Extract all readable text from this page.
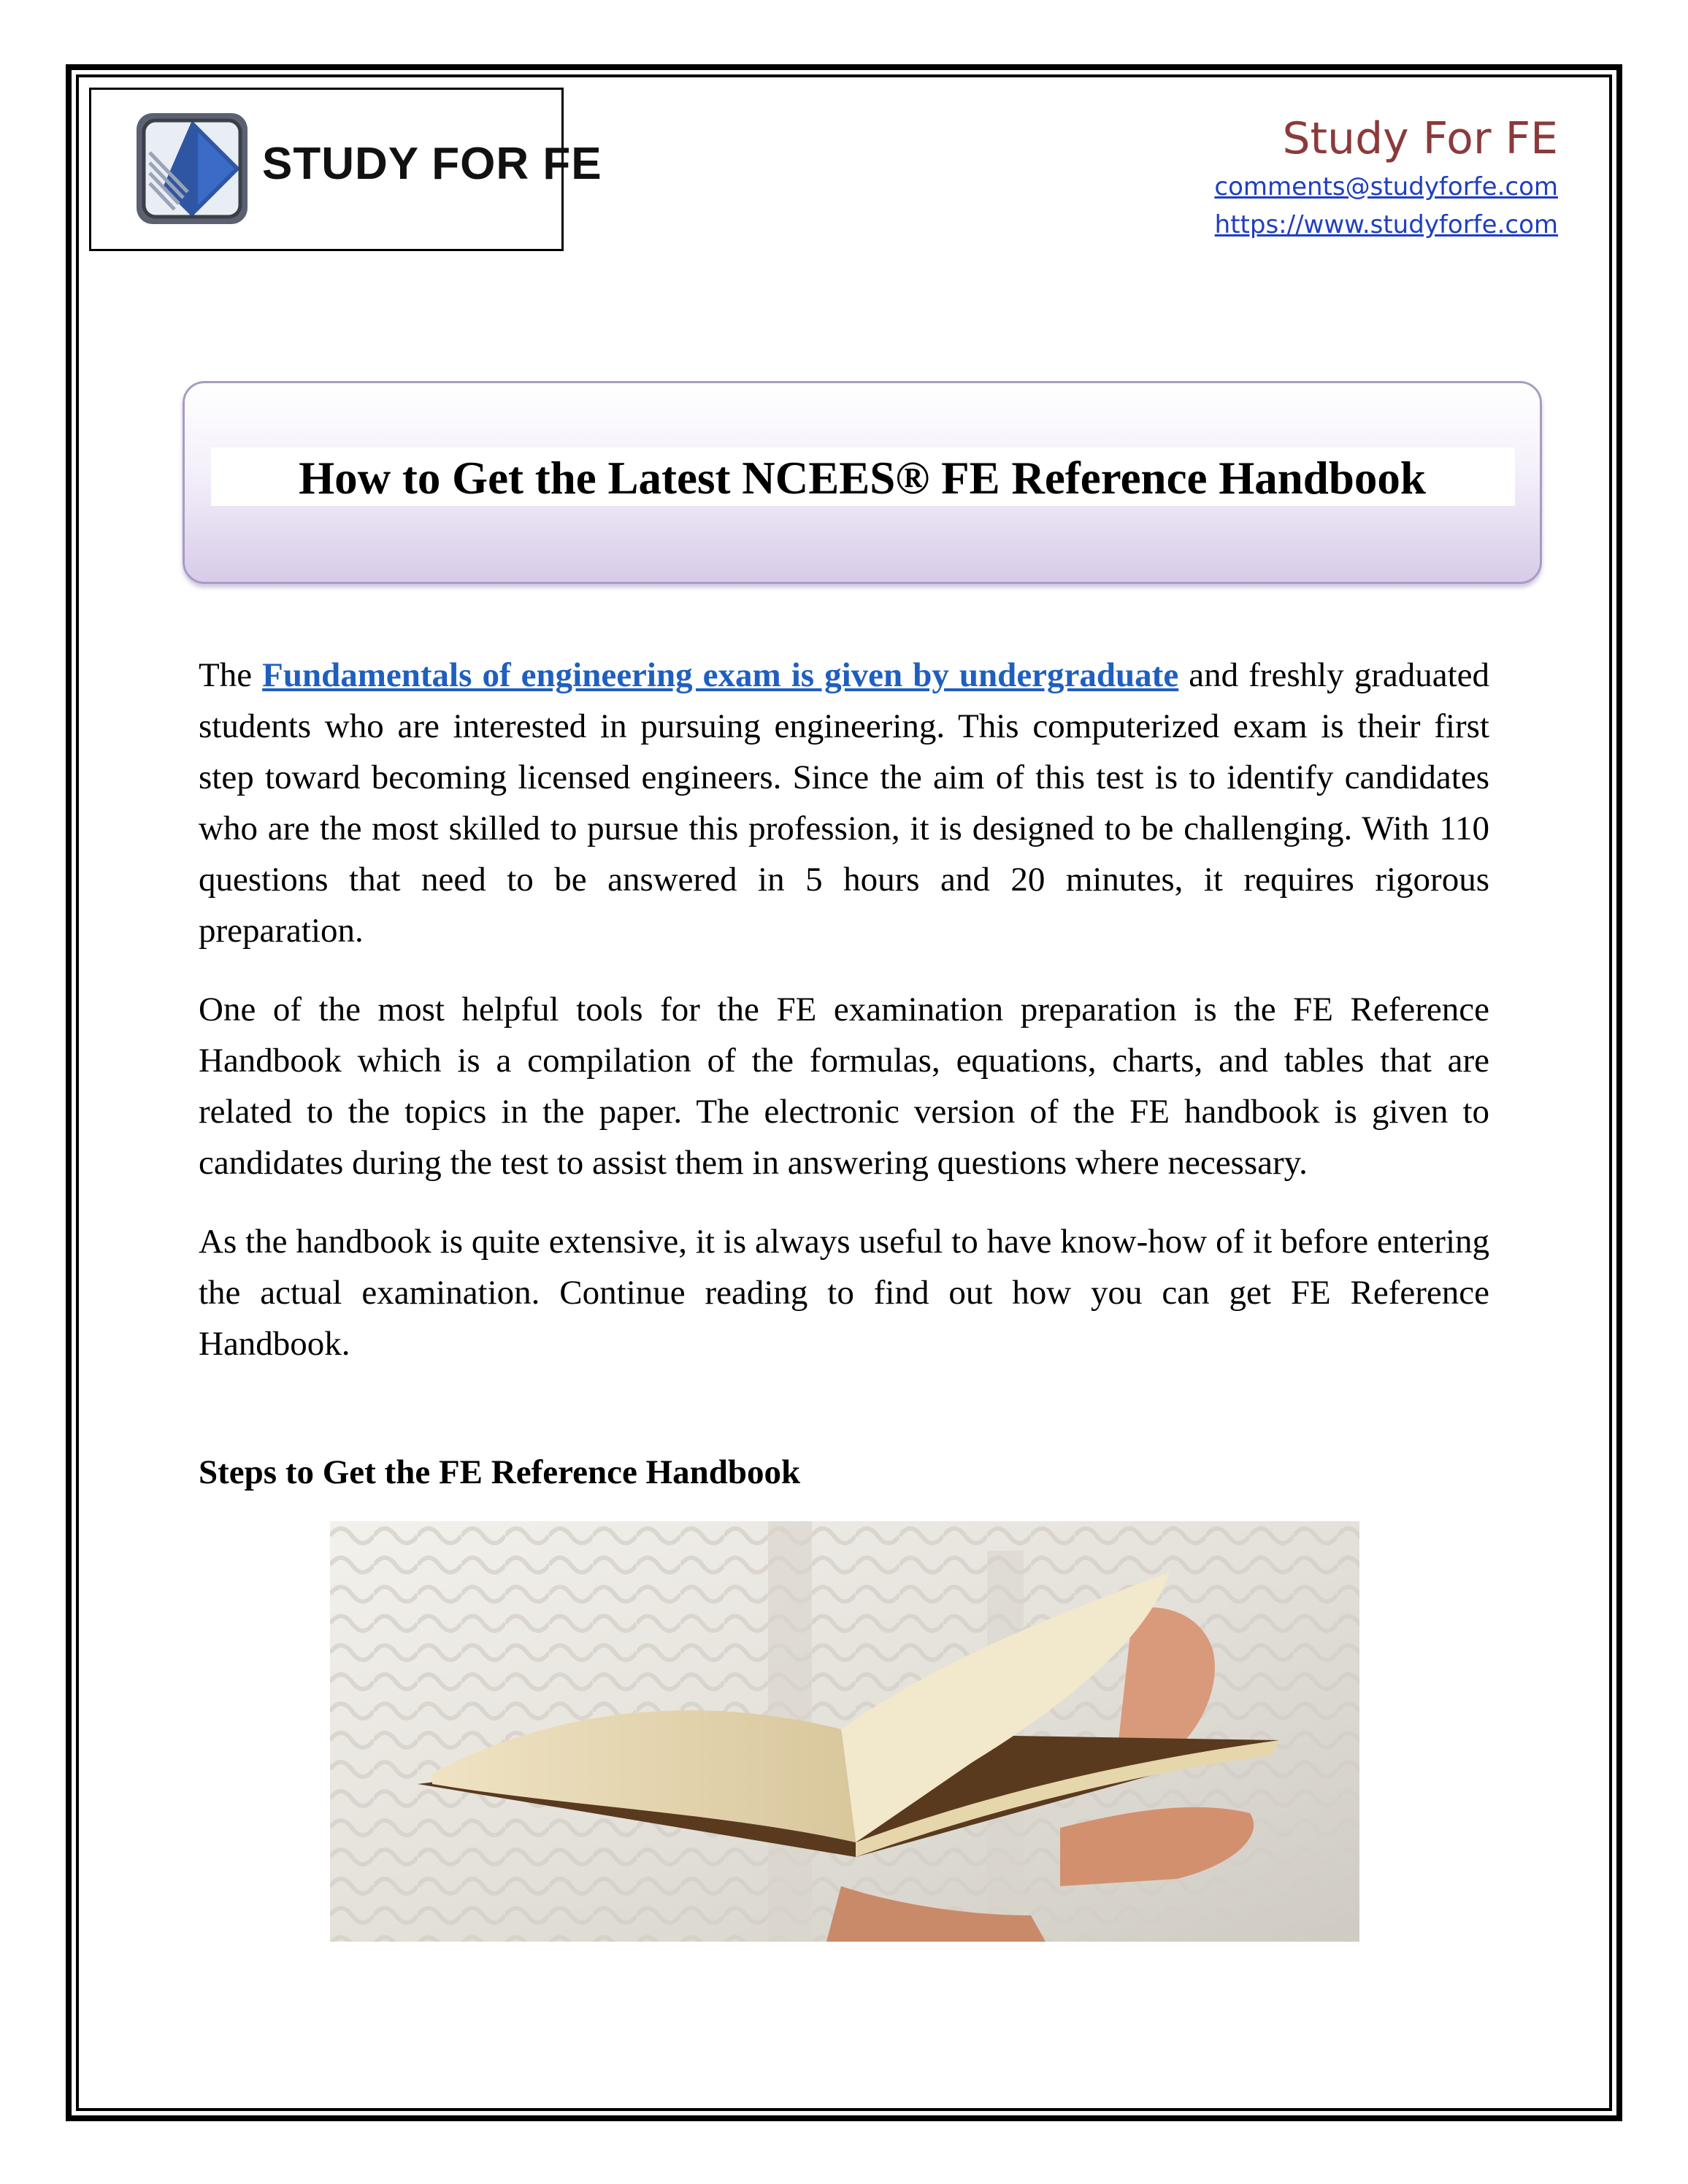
STUDY FOR FE	Study For FE
comments@studyforfe.com
https://www.studyforfe.com
How to Get the Latest NCEES® FE Reference Handbook

The Fundamentals of engineering exam is given by undergraduate and freshly graduated students who are interested in pursuing engineering. This computerized exam is their first step toward becoming licensed engineers. Since the aim of this test is to identify candidates who are the most skilled to pursue this profession, it is designed to be challenging. With 110 questions that need to be answered in 5 hours and 20 minutes, it requires rigorous preparation.

One of the most helpful tools for the FE examination preparation is the FE Reference Handbook which is a compilation of the formulas, equations, charts, and tables that are related to the topics in the paper. The electronic version of the FE handbook is given to candidates during the test to assist them in answering questions where necessary.

As the handbook is quite extensive, it is always useful to have know-how of it before entering the actual examination. Continue reading to find out how you can get FE Reference Handbook.

Steps to Get the FE Reference Handbook
